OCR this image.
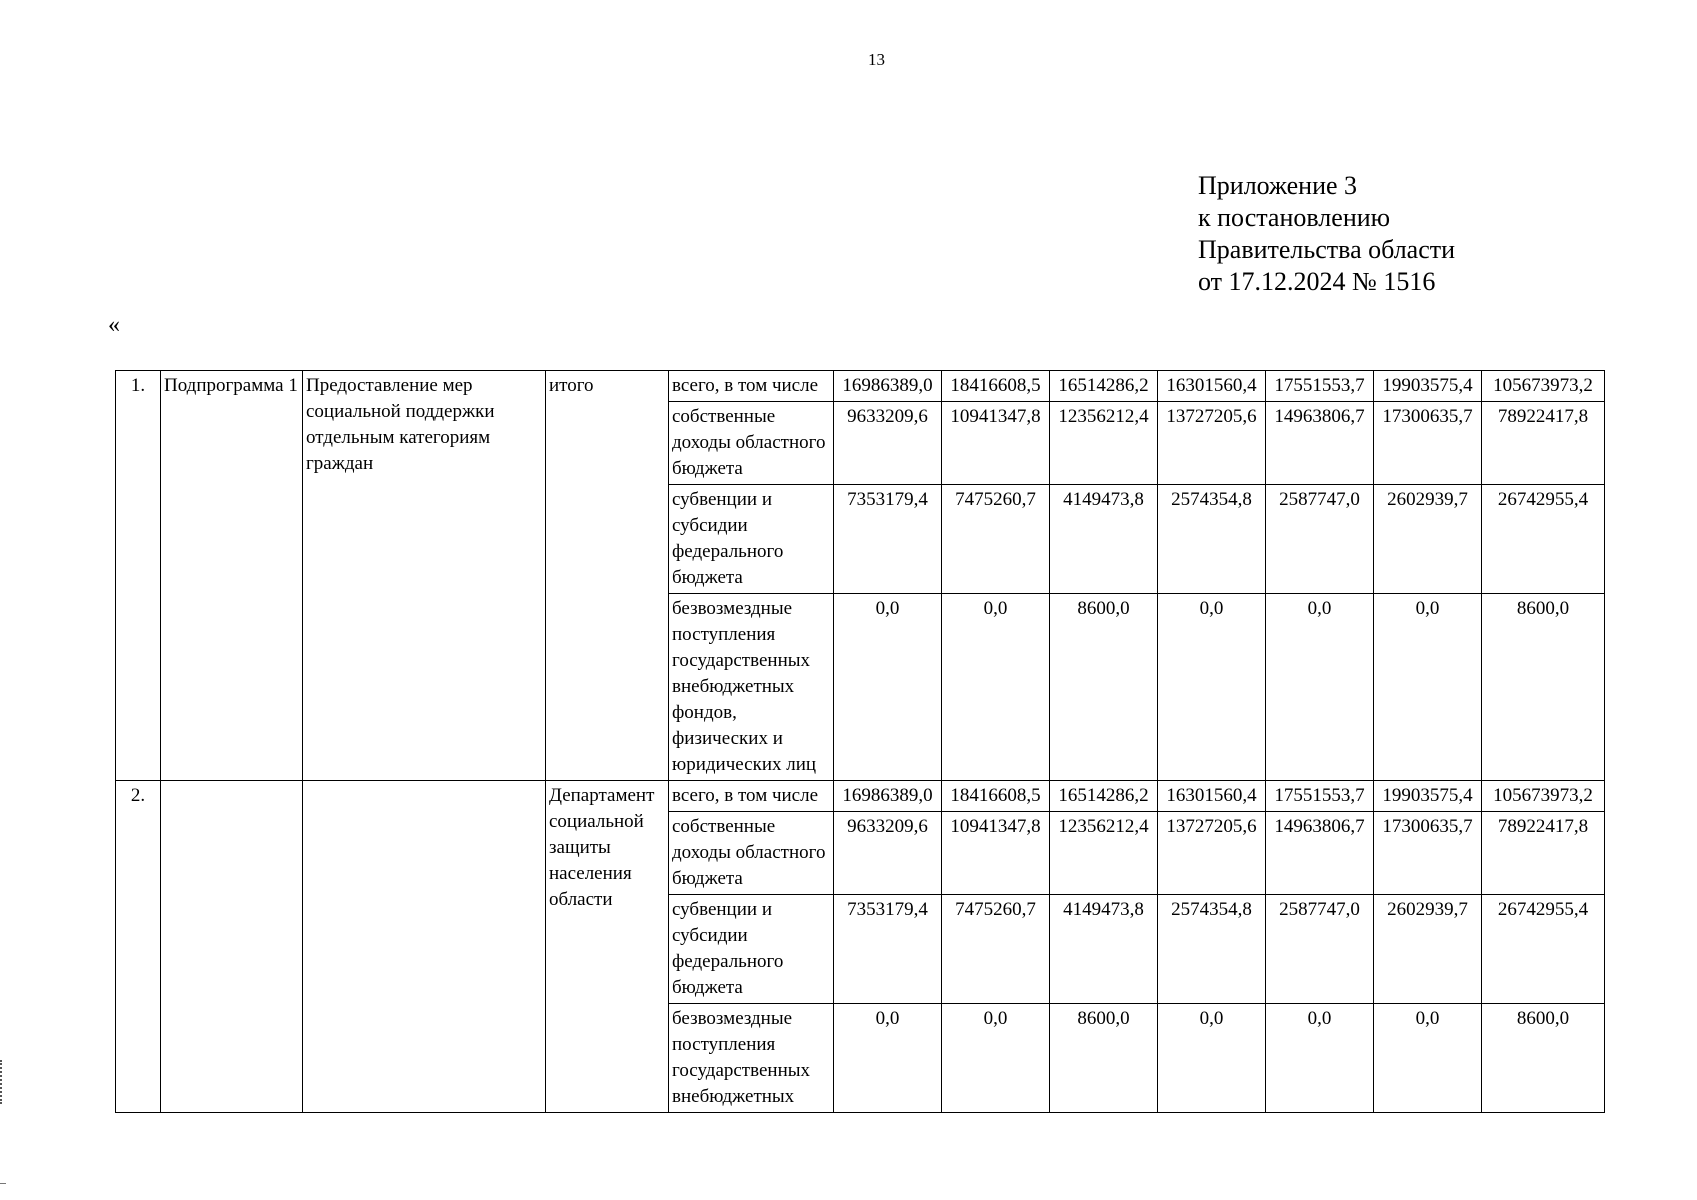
13
Приложение 3
к постановлению
Правительства области
от 17.12.2024 № 1516
«
1.	Подпрограмма 1	Предоставление мер социальной поддержки отдельным категориям граждан	итого	всего, в том числе	16986389,0	18416608,5	16514286,2	16301560,4	17551553,7	19903575,4	105673973,2
				собственные доходы областного бюджета	9633209,6	10941347,8	12356212,4	13727205,6	14963806,7	17300635,7	78922417,8
				субвенции и субсидии федерального бюджета	7353179,4	7475260,7	4149473,8	2574354,8	2587747,0	2602939,7	26742955,4
				безвозмездные поступления государственных внебюджетных фондов, физических и юридических лиц	0,0	0,0	8600,0	0,0	0,0	0,0	8600,0
2.			Департамент социальной защиты населения области	всего, в том числе	16986389,0	18416608,5	16514286,2	16301560,4	17551553,7	19903575,4	105673973,2
				собственные доходы областного бюджета	9633209,6	10941347,8	12356212,4	13727205,6	14963806,7	17300635,7	78922417,8
				субвенции и субсидии федерального бюджета	7353179,4	7475260,7	4149473,8	2574354,8	2587747,0	2602939,7	26742955,4
				безвозмездные поступления государственных внебюджетных	0,0	0,0	8600,0	0,0	0,0	0,0	8600,0
